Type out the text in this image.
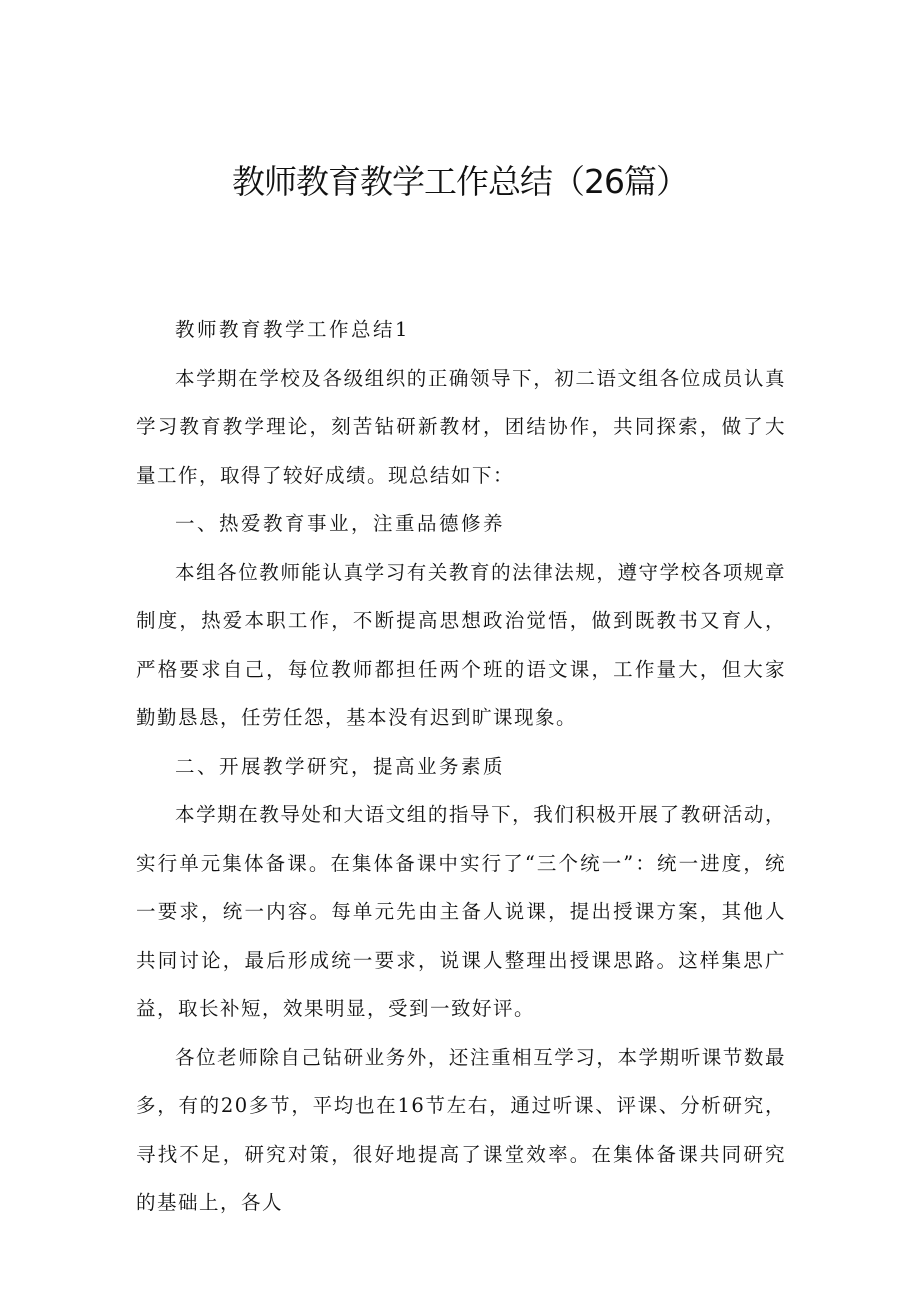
教师教育教学工作总结（26篇）

教师教育教学工作总结1

本学期在学校及各级组织的正确领导下，初二语文组各位成员认真学习教育教学理论，刻苦钻研新教材，团结协作，共同探索，做了大量工作，取得了较好成绩。现总结如下：

一、热爱教育事业，注重品德修养

本组各位教师能认真学习有关教育的法律法规，遵守学校各项规章制度，热爱本职工作，不断提高思想政治觉悟，做到既教书又育人，严格要求自己，每位教师都担任两个班的语文课，工作量大，但大家勤勤恳恳，任劳任怨，基本没有迟到旷课现象。

二、开展教学研究，提高业务素质

本学期在教导处和大语文组的指导下，我们积极开展了教研活动，实行单元集体备课。在集体备课中实行了“三个统一”：统一进度，统一要求，统一内容。每单元先由主备人说课，提出授课方案，其他人共同讨论，最后形成统一要求，说课人整理出授课思路。这样集思广益，取长补短，效果明显，受到一致好评。

各位老师除自己钻研业务外，还注重相互学习，本学期听课节数最多，有的20多节，平均也在16节左右，通过听课、评课、分析研究，寻找不足，研究对策，很好地提高了课堂效率。在集体备课共同研究的基础上，各人
